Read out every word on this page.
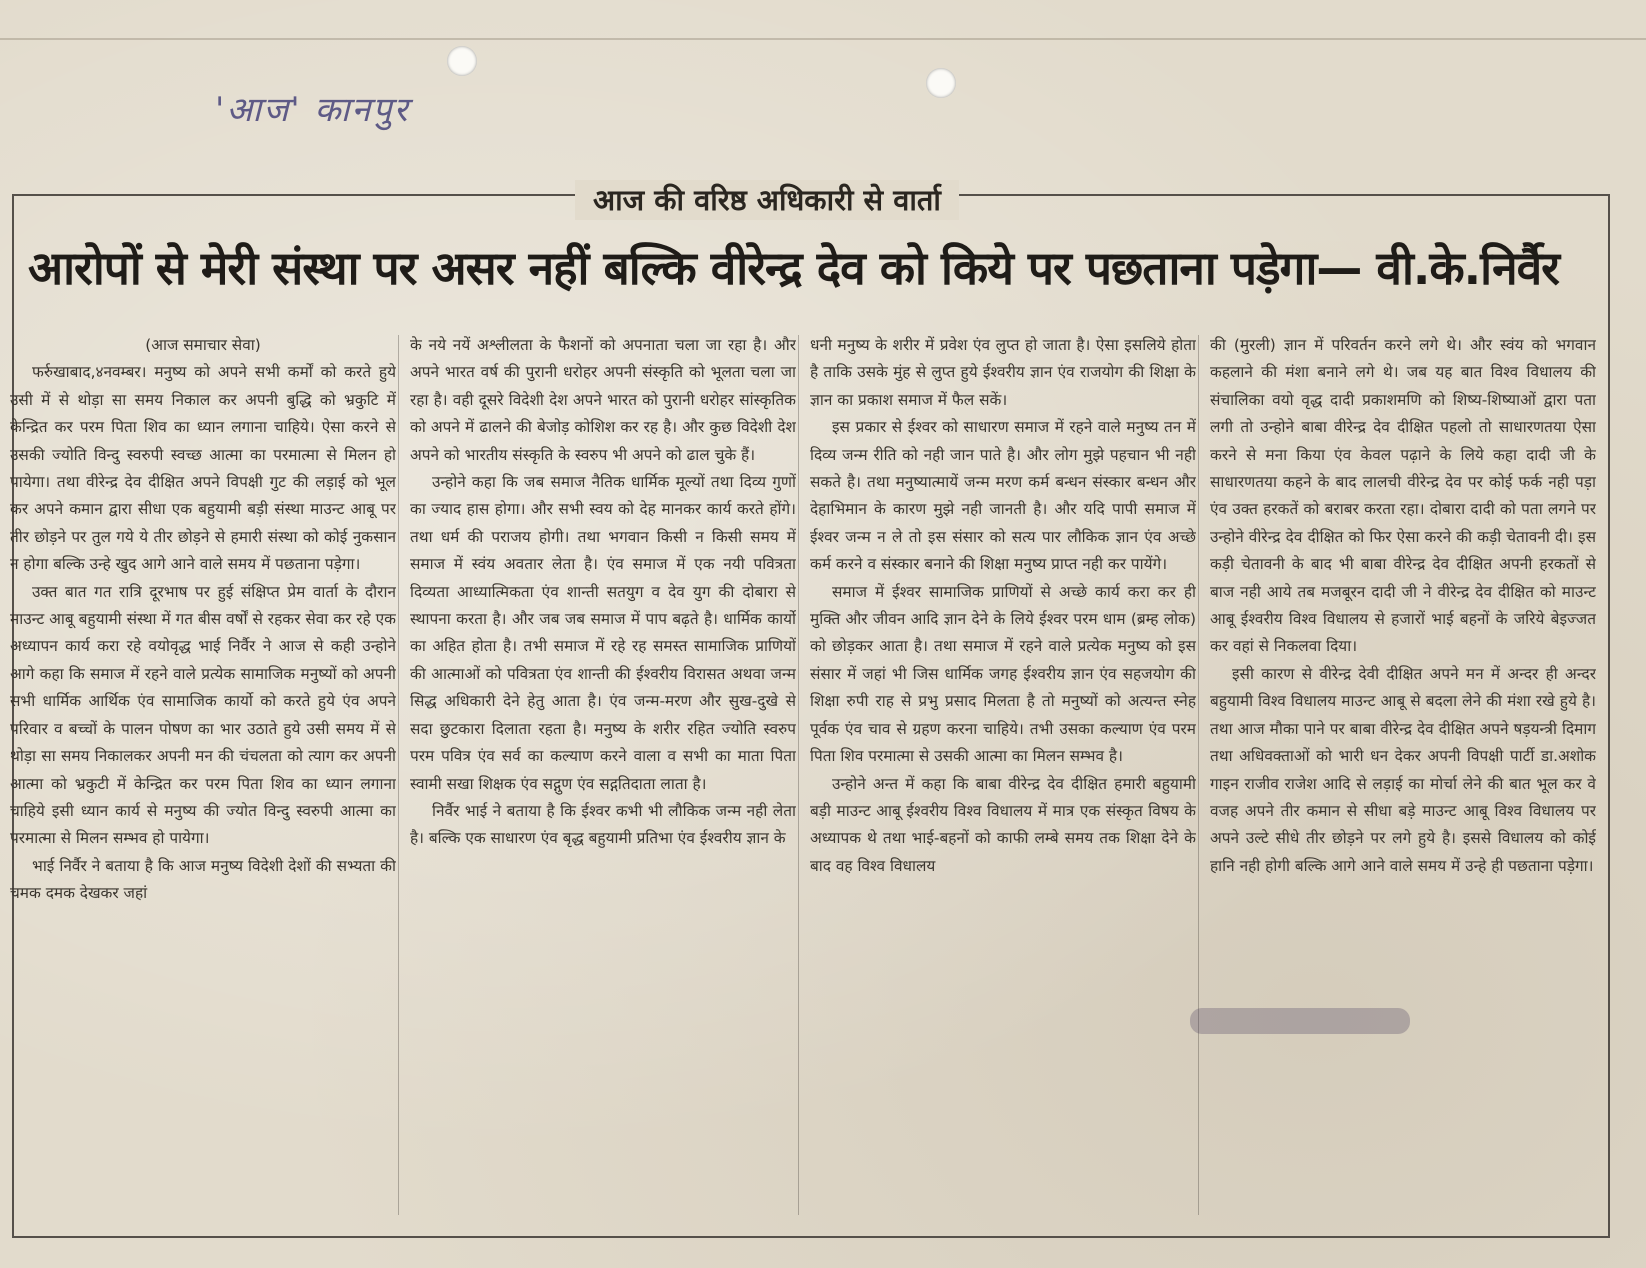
'आज' कानपुर
आज की वरिष्ठ अधिकारी से वार्ता
आरोपों से मेरी संस्था पर असर नहीं बल्कि वीरेन्द्र देव को किये पर पछताना पड़ेगा— वी.के.निर्वैर

(आज समाचार सेवा)

फर्रुखाबाद,४नवम्बर। मनुष्य को अपने सभी कर्मों को करते हुये उसी में से थोड़ा सा समय निकाल कर अपनी बुद्धि को भ्रकुटि में केन्द्रित कर परम पिता शिव का ध्यान लगाना चाहिये। ऐसा करने से उसकी ज्योति विन्दु स्वरुपी स्वच्छ आत्मा का परमात्मा से मिलन हो पायेगा। तथा वीरेन्द्र देव दीक्षित अपने विपक्षी गुट की लड़ाई को भूल कर अपने कमान द्वारा सीधा एक बहुयामी बड़ी संस्था माउन्ट आबू पर तीर छोड़ने पर तुल गये ये तीर छोड़ने से हमारी संस्था को कोई नुकसान न होगा बल्कि उन्हे खुद आगे आने वाले समय में पछताना पड़ेगा।

उक्त बात गत रात्रि दूरभाष पर हुई संक्षिप्त प्रेम वार्ता के दौरान माउन्ट आबू बहुयामी संस्था में गत बीस वर्षों से रहकर सेवा कर रहे एक अध्यापन कार्य करा रहे वयोवृद्ध भाई निर्वैर ने आज से कही उन्होने आगे कहा कि समाज में रहने वाले प्रत्येक सामाजिक मनुष्यों को अपनी सभी धार्मिक आर्थिक एंव सामाजिक कार्यो को करते हुये एंव अपने परिवार व बच्चों के पालन पोषण का भार उठाते हुये उसी समय में से थोड़ा सा समय निकालकर अपनी मन की चंचलता को त्याग कर अपनी आत्मा को भ्रकुटी में केन्द्रित कर परम पिता शिव का ध्यान लगाना चाहिये इसी ध्यान कार्य से मनुष्य की ज्योत विन्दु स्वरुपी आत्मा का परमात्मा से मिलन सम्भव हो पायेगा।

भाई निर्वैर ने बताया है कि आज मनुष्य विदेशी देशों की सभ्यता की चमक दमक देखकर जहां

के नये नयें अश्लीलता के फैशनों को अपनाता चला जा रहा है। और अपने भारत वर्ष की पुरानी धरोहर अपनी संस्कृति को भूलता चला जा रहा है। वही दूसरे विदेशी देश अपने भारत को पुरानी धरोहर सांस्कृतिक को अपने में ढालने की बेजोड़ कोशिश कर रह है। और कुछ विदेशी देश अपने को भारतीय संस्कृति के स्वरुप भी अपने को ढाल चुके हैं।

उन्होने कहा कि जब समाज नैतिक धार्मिक मूल्यों तथा दिव्य गुणों का ज्याद हास होगा। और सभी स्वय को देह मानकर कार्य करते होंगे। तथा धर्म की पराजय होगी। तथा भगवान किसी न किसी समय में समाज में स्वंय अवतार लेता है। एंव समाज में एक नयी पवित्रता दिव्यता आध्यात्मिकता एंव शान्ती सतयुग व देव युग की दोबारा से स्थापना करता है। और जब जब समाज में पाप बढ़ते है। धार्मिक कार्यो का अहित होता है। तभी समाज में रहे रह समस्त सामाजिक प्राणियों की आत्माओं को पवित्रता एंव शान्ती की ईश्वरीय विरासत अथवा जन्म सिद्ध अधिकारी देने हेतु आता है। एंव जन्म-मरण और सुख-दुखे से सदा छुटकारा दिलाता रहता है। मनुष्य के शरीर रहित ज्योति स्वरुप परम पवित्र एंव सर्व का कल्याण करने वाला व सभी का माता पिता स्वामी सखा शिक्षक एंव सद्गुण एंव सद्गतिदाता लाता है।

निर्वैर भाई ने बताया है कि ईश्वर कभी भी लौकिक जन्म नही लेता है। बल्कि एक साधारण एंव बृद्ध बहुयामी प्रतिभा एंव ईश्वरीय ज्ञान के

धनी मनुष्य के शरीर में प्रवेश एंव लुप्त हो जाता है। ऐसा इसलिये होता है ताकि उसके मुंह से लुप्त हुये ईश्वरीय ज्ञान एंव राजयोग की शिक्षा के ज्ञान का प्रकाश समाज में फैल सकें।

इस प्रकार से ईश्वर को साधारण समाज में रहने वाले मनुष्य तन में दिव्य जन्म रीति को नही जान पाते है। और लोग मुझे पहचान भी नही सकते है। तथा मनुष्यात्मायें जन्म मरण कर्म बन्धन संस्कार बन्धन और देहाभिमान के कारण मुझे नही जानती है। और यदि पापी समाज में ईश्वर जन्म न ले तो इस संसार को सत्य पार लौकिक ज्ञान एंव अच्छे कर्म करने व संस्कार बनाने की शिक्षा मनुष्य प्राप्त नही कर पायेंगे।

समाज में ईश्वर सामाजिक प्राणियों से अच्छे कार्य करा कर ही मुक्ति और जीवन आदि ज्ञान देने के लिये ईश्वर परम धाम (ब्रम्ह लोक) को छोड़कर आता है। तथा समाज में रहने वाले प्रत्येक मनुष्य को इस संसार में जहां भी जिस धार्मिक जगह ईश्वरीय ज्ञान एंव सहजयोग की शिक्षा रुपी राह से प्रभु प्रसाद मिलता है तो मनुष्यों को अत्यन्त स्नेह पूर्वक एंव चाव से ग्रहण करना चाहिये। तभी उसका कल्याण एंव परम पिता शिव परमात्मा से उसकी आत्मा का मिलन सम्भव है।

उन्होने अन्त में कहा कि बाबा वीरेन्द्र देव दीक्षित हमारी बहुयामी बड़ी माउन्ट आबू ईश्वरीय विश्व विधालय में मात्र एक संस्कृत विषय के अध्यापक थे तथा भाई-बहनों को काफी लम्बे समय तक शिक्षा देने के बाद वह विश्व विधालय

की (मुरली) ज्ञान में परिवर्तन करने लगे थे। और स्वंय को भगवान कहलाने की मंशा बनाने लगे थे। जब यह बात विश्व विधालय की संचालिका वयो वृद्ध दादी प्रकाशमणि को शिष्य-शिष्याओं द्वारा पता लगी तो उन्होने बाबा वीरेन्द्र देव दीक्षित पहलो तो साधारणतया ऐसा करने से मना किया एंव केवल पढ़ाने के लिये कहा दादी जी के साधारणतया कहने के बाद लालची वीरेन्द्र देव पर कोई फर्क नही पड़ा एंव उक्त हरकतें को बराबर करता रहा। दोबारा दादी को पता लगने पर उन्होने वीरेन्द्र देव दीक्षित को फिर ऐसा करने की कड़ी चेतावनी दी। इस कड़ी चेतावनी के बाद भी बाबा वीरेन्द्र देव दीक्षित अपनी हरकतों से बाज नही आये तब मजबूरन दादी जी ने वीरेन्द्र देव दीक्षित को माउन्ट आबू ईश्वरीय विश्व विधालय से हजारों भाई बहनों के जरिये बेइज्जत कर वहां से निकलवा दिया।

इसी कारण से वीरेन्द्र देवी दीक्षित अपने मन में अन्दर ही अन्दर बहुयामी विश्व विधालय माउन्ट आबू से बदला लेने की मंशा रखे हुये है। तथा आज मौका पाने पर बाबा वीरेन्द्र देव दीक्षित अपने षड़यन्त्री दिमाग तथा अधिवक्ताओं को भारी धन देकर अपनी विपक्षी पार्टी डा.अशोक गाइन राजीव राजेश आदि से लड़ाई का मोर्चा लेने की बात भूल कर वे वजह अपने तीर कमान से सीधा बड़े माउन्ट आबू विश्व विधालय पर अपने उल्टे सीधे तीर छोड़ने पर लगे हुये है। इससे विधालय को कोई हानि नही होगी बल्कि आगे आने वाले समय में उन्हे ही पछताना पड़ेगा।
